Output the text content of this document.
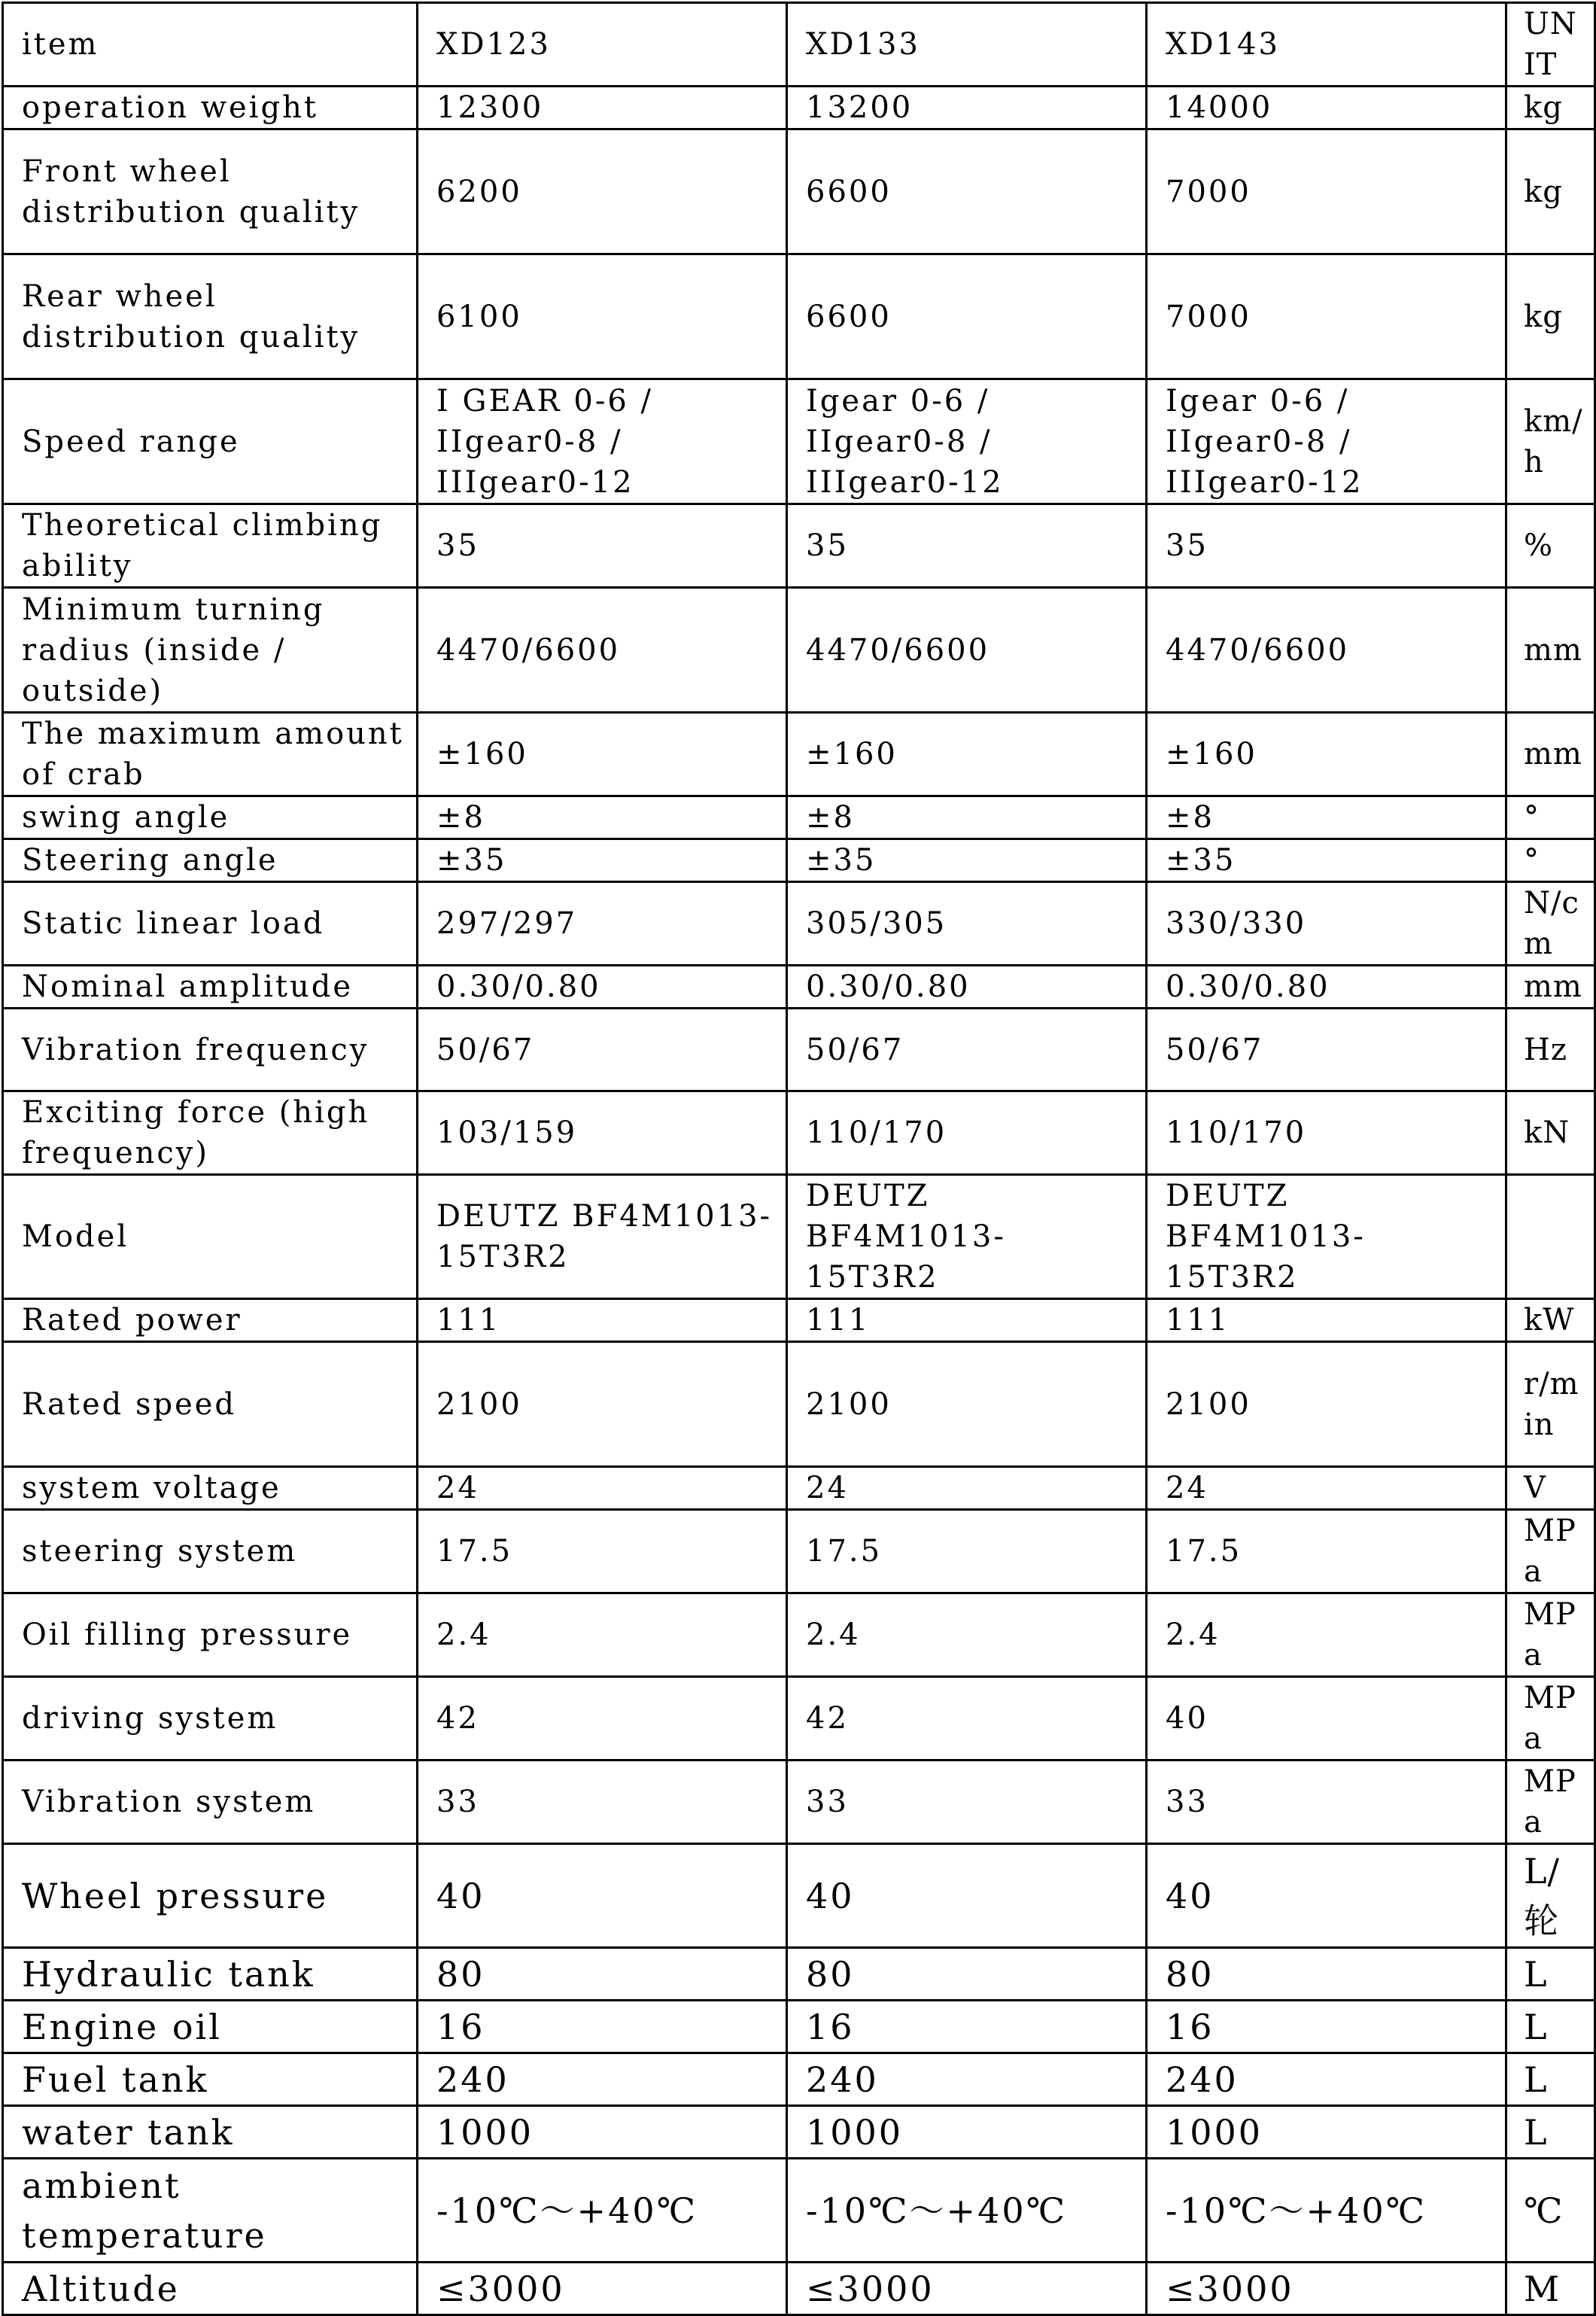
item	XD123	XD133	XD143	UNIT
operation weight	12300	13200	14000	kg
Front wheel distribution quality	6200	6600	7000	kg
Rear wheel distribution quality	6100	6600	7000	kg
Speed range	I GEAR 0-6 / IIgear0-8 / IIIgear0-12	Igear 0-6 / IIgear0-8 / IIIgear0-12	Igear 0-6 / IIgear0-8 / IIIgear0-12	km/h
Theoretical climbing ability	35	35	35	%
Minimum turning radius (inside / outside)	4470/6600	4470/6600	4470/6600	mm
The maximum amount of crab	±160	±160	±160	mm
swing angle	±8	±8	±8	°
Steering angle	±35	±35	±35	°
Static linear load	297/297	305/305	330/330	N/cm
Nominal amplitude	0.30/0.80	0.30/0.80	0.30/0.80	mm
Vibration frequency	50/67	50/67	50/67	Hz
Exciting force (high frequency)	103/159	110/170	110/170	kN
Model	DEUTZ BF4M1013-15T3R2	DEUTZ BF4M1013-15T3R2	DEUTZ BF4M1013-15T3R2	
Rated power	111	111	111	kW
Rated speed	2100	2100	2100	r/min
system voltage	24	24	24	V
steering system	17.5	17.5	17.5	MPa
Oil filling pressure	2.4	2.4	2.4	MPa
driving system	42	42	40	MPa
Vibration system	33	33	33	MPa
Wheel pressure	40	40	40	L/轮
Hydraulic tank	80	80	80	L
Engine oil	16	16	16	L
Fuel tank	240	240	240	L
water tank	1000	1000	1000	L
ambient temperature	-10℃～+40℃	-10℃～+40℃	-10℃～+40℃	℃
Altitude	≤3000	≤3000	≤3000	M
